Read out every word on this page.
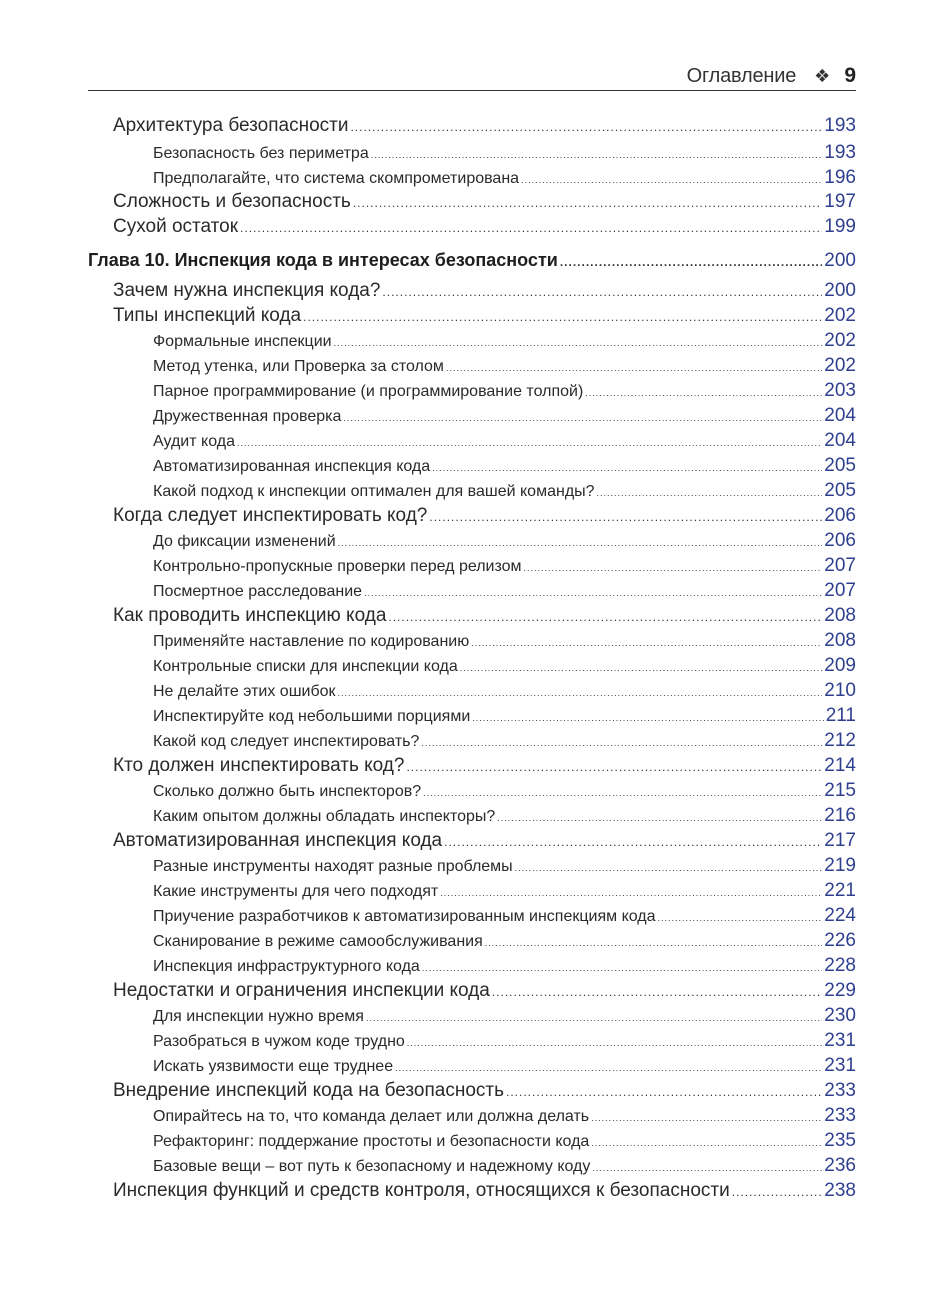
Оглавление ❖ 9
Архитектура безопасности .....	193
Безопасность без периметра .....	193
Предполагайте, что система скомпрометирована .....	196
Сложность и безопасность .....	197
Сухой остаток .....	199
Глава 10. Инспекция кода в интересах безопасности .....	200
Зачем нужна инспекция кода? .....	200
Типы инспекций кода .....	202
Формальные инспекции .....	202
Метод утенка, или Проверка за столом .....	202
Парное программирование (и программирование толпой) .....	203
Дружественная проверка .....	204
Аудит кода .....	204
Автоматизированная инспекция кода .....	205
Какой подход к инспекции оптимален для вашей команды? .....	205
Когда следует инспектировать код? .....	206
До фиксации изменений .....	206
Контрольно-пропускные проверки перед релизом .....	207
Посмертное расследование .....	207
Как проводить инспекцию кода .....	208
Применяйте наставление по кодированию .....	208
Контрольные списки для инспекции кода .....	209
Не делайте этих ошибок .....	210
Инспектируйте код небольшими порциями .....	211
Какой код следует инспектировать? .....	212
Кто должен инспектировать код? .....	214
Сколько должно быть инспекторов? .....	215
Каким опытом должны обладать инспекторы? .....	216
Автоматизированная инспекция кода .....	217
Разные инструменты находят разные проблемы .....	219
Какие инструменты для чего подходят .....	221
Приучение разработчиков к автоматизированным инспекциям кода .....	224
Сканирование в режиме самообслуживания .....	226
Инспекция инфраструктурного кода .....	228
Недостатки и ограничения инспекции кода .....	229
Для инспекции нужно время .....	230
Разобраться в чужом коде трудно .....	231
Искать уязвимости еще труднее .....	231
Внедрение инспекций кода на безопасность .....	233
Опирайтесь на то, что команда делает или должна делать .....	233
Рефакторинг: поддержание простоты и безопасности кода .....	235
Базовые вещи – вот путь к безопасному и надежному коду .....	236
Инспекция функций и средств контроля, относящихся к безопасности .....	238
